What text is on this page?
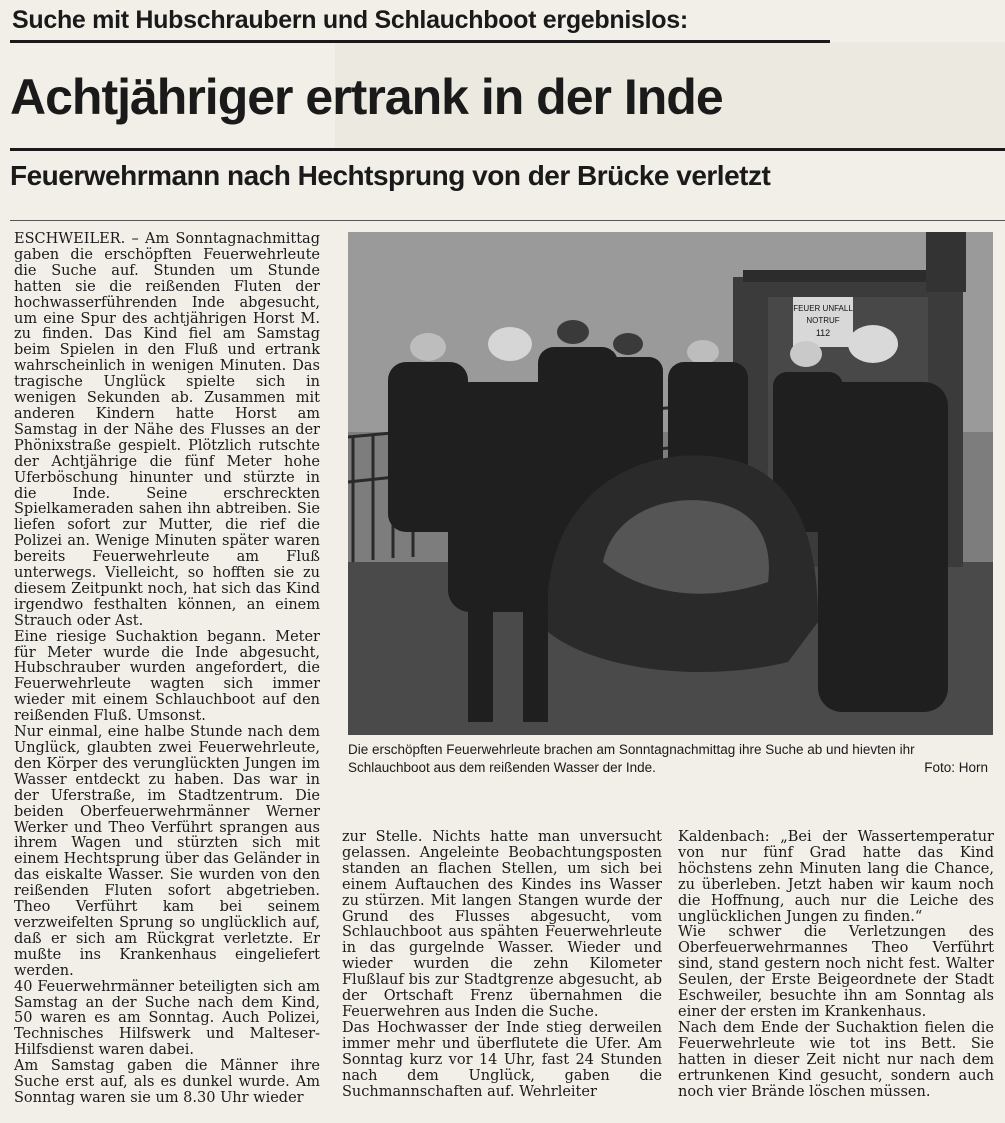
Suche mit Hubschraubern und Schlauchboot ergebnislos:
Achtjähriger ertrank in der Inde
Feuerwehrmann nach Hechtsprung von der Brücke verletzt
ESCHWEILER. – Am Sonntagnachmittag gaben die erschöpften Feuerwehrleute die Suche auf. Stunden um Stunde hatten sie die reißenden Fluten der hochwasserführenden Inde abgesucht, um eine Spur des achtjährigen Horst M. zu finden. Das Kind fiel am Samstag beim Spielen in den Fluß und ertrank wahrscheinlich in wenigen Minuten. Das tragische Unglück spielte sich in wenigen Sekunden ab. Zusammen mit anderen Kindern hatte Horst am Samstag in der Nähe des Flusses an der Phönixstraße gespielt. Plötzlich rutschte der Achtjährige die fünf Meter hohe Uferböschung hinunter und stürzte in die Inde. Seine erschreckten Spielkameraden sahen ihn abtreiben. Sie liefen sofort zur Mutter, die rief die Polizei an. Wenige Minuten später waren bereits Feuerwehrleute am Fluß unterwegs. Vielleicht, so hofften sie zu diesem Zeitpunkt noch, hat sich das Kind irgendwo festhalten können, an einem Strauch oder Ast.
Eine riesige Suchaktion begann. Meter für Meter wurde die Inde abgesucht, Hubschrauber wurden angefordert, die Feuerwehrleute wagten sich immer wieder mit einem Schlauchboot auf den reißenden Fluß. Umsonst.
Nur einmal, eine halbe Stunde nach dem Unglück, glaubten zwei Feuerwehrleute, den Körper des verunglückten Jungen im Wasser entdeckt zu haben. Das war in der Uferstraße, im Stadtzentrum. Die beiden Oberfeuerwehrmänner Werner Werker und Theo Verführt sprangen aus ihrem Wagen und stürzten sich mit einem Hechtsprung über das Geländer in das eiskalte Wasser. Sie wurden von den reißenden Fluten sofort abgetrieben. Theo Verführt kam bei seinem verzweifelten Sprung so unglücklich auf, daß er sich am Rückgrat verletzte. Er mußte ins Krankenhaus eingeliefert werden.
40 Feuerwehrmänner beteiligten sich am Samstag an der Suche nach dem Kind, 50 waren es am Sonntag. Auch Polizei, Technisches Hilfswerk und Malteser-Hilfsdienst waren dabei.
Am Samstag gaben die Männer ihre Suche erst auf, als es dunkel wurde. Am Sonntag waren sie um 8.30 Uhr wieder
FEUER UNFALL
NOTRUF
112
Die erschöpften Feuerwehrleute brachen am Sonntagnachmittag ihre Suche ab und hievten ihr Schlauchboot aus dem reißenden Wasser der Inde.	Foto: Horn
zur Stelle. Nichts hatte man unversucht gelassen. Angeleinte Beobachtungsposten standen an flachen Stellen, um sich bei einem Auftauchen des Kindes ins Wasser zu stürzen. Mit langen Stangen wurde der Grund des Flusses abgesucht, vom Schlauchboot aus spähten Feuerwehrleute in das gurgelnde Wasser. Wieder und wieder wurden die zehn Kilometer Flußlauf bis zur Stadtgrenze abgesucht, ab der Ortschaft Frenz übernahmen die Feuerwehren aus Inden die Suche.
Das Hochwasser der Inde stieg derweilen immer mehr und überflutete die Ufer. Am Sonntag kurz vor 14 Uhr, fast 24 Stunden nach dem Unglück, gaben die Suchmannschaften auf. Wehrleiter
Kaldenbach: „Bei der Wassertemperatur von nur fünf Grad hatte das Kind höchstens zehn Minuten lang die Chance, zu überleben. Jetzt haben wir kaum noch die Hoffnung, auch nur die Leiche des unglücklichen Jungen zu finden.“
Wie schwer die Verletzungen des Oberfeuerwehrmannes Theo Verführt sind, stand gestern noch nicht fest. Walter Seulen, der Erste Beigeordnete der Stadt Eschweiler, besuchte ihn am Sonntag als einer der ersten im Krankenhaus.
Nach dem Ende der Suchaktion fielen die Feuerwehrleute wie tot ins Bett. Sie hatten in dieser Zeit nicht nur nach dem ertrunkenen Kind gesucht, sondern auch noch vier Brände löschen müssen.
